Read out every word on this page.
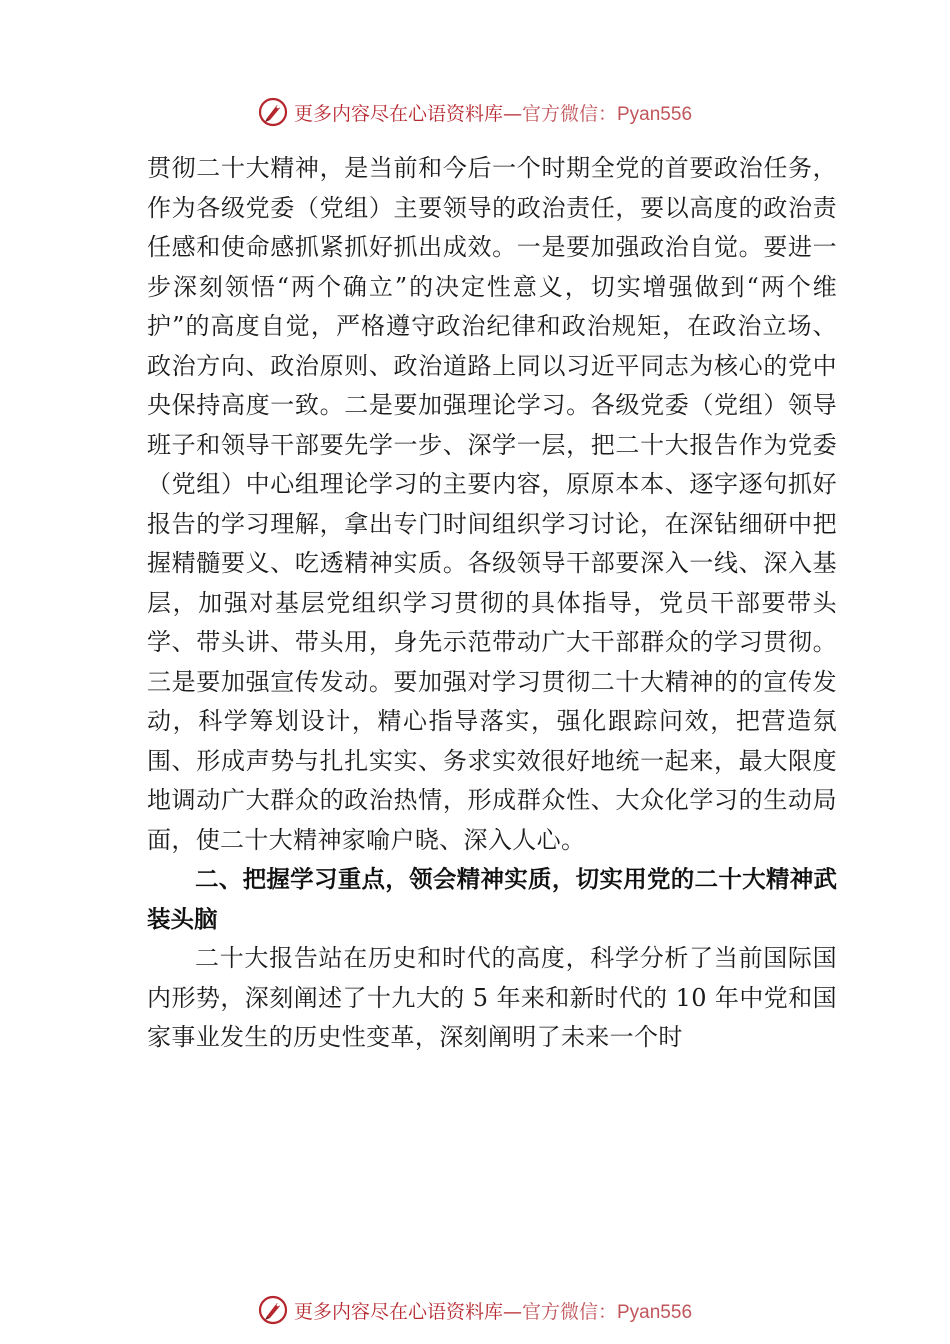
更多内容尽在心语资料库— 官方微信：Pyan556

贯彻二十大精神，是当前和今后一个时期全党的首要政治任务，作为各级党委（党组）主要领导的政治责任，要以高度的政治责任感和使命感抓紧抓好抓出成效。一是要加强政治自觉。要进一步深刻领悟“两个确立”的决定性意义，切实增强做到“两个维护”的高度自觉，严格遵守政治纪律和政治规矩，在政治立场、政治方向、政治原则、政治道路上同以习近平同志为核心的党中央保持高度一致。二是要加强理论学习。各级党委（党组）领导班子和领导干部要先学一步、深学一层，把二十大报告作为党委（党组）中心组理论学习的主要内容，原原本本、逐字逐句抓好报告的学习理解，拿出专门时间组织学习讨论，在深钻细研中把握精髓要义、吃透精神实质。各级领导干部要深入一线、深入基层，加强对基层党组织学习贯彻的具体指导，党员干部要带头学、带头讲、带头用，身先示范带动广大干部群众的学习贯彻。三是要加强宣传发动。要加强对学习贯彻二十大精神的的宣传发动，科学筹划设计，精心指导落实，强化跟踪问效，把营造氛围、形成声势与扎扎实实、务求实效很好地统一起来，最大限度地调动广大群众的政治热情，形成群众性、大众化学习的生动局面，使二十大精神家喻户晓、深入人心。

二、把握学习重点，领会精神实质，切实用党的二十大精神武装头脑

二十大报告站在历史和时代的高度，科学分析了当前国际国内形势，深刻阐述了十九大的 5 年来和新时代的 10 年中党和国家事业发生的历史性变革，深刻阐明了未来一个时

更多内容尽在心语资料库— 官方微信：Pyan556
